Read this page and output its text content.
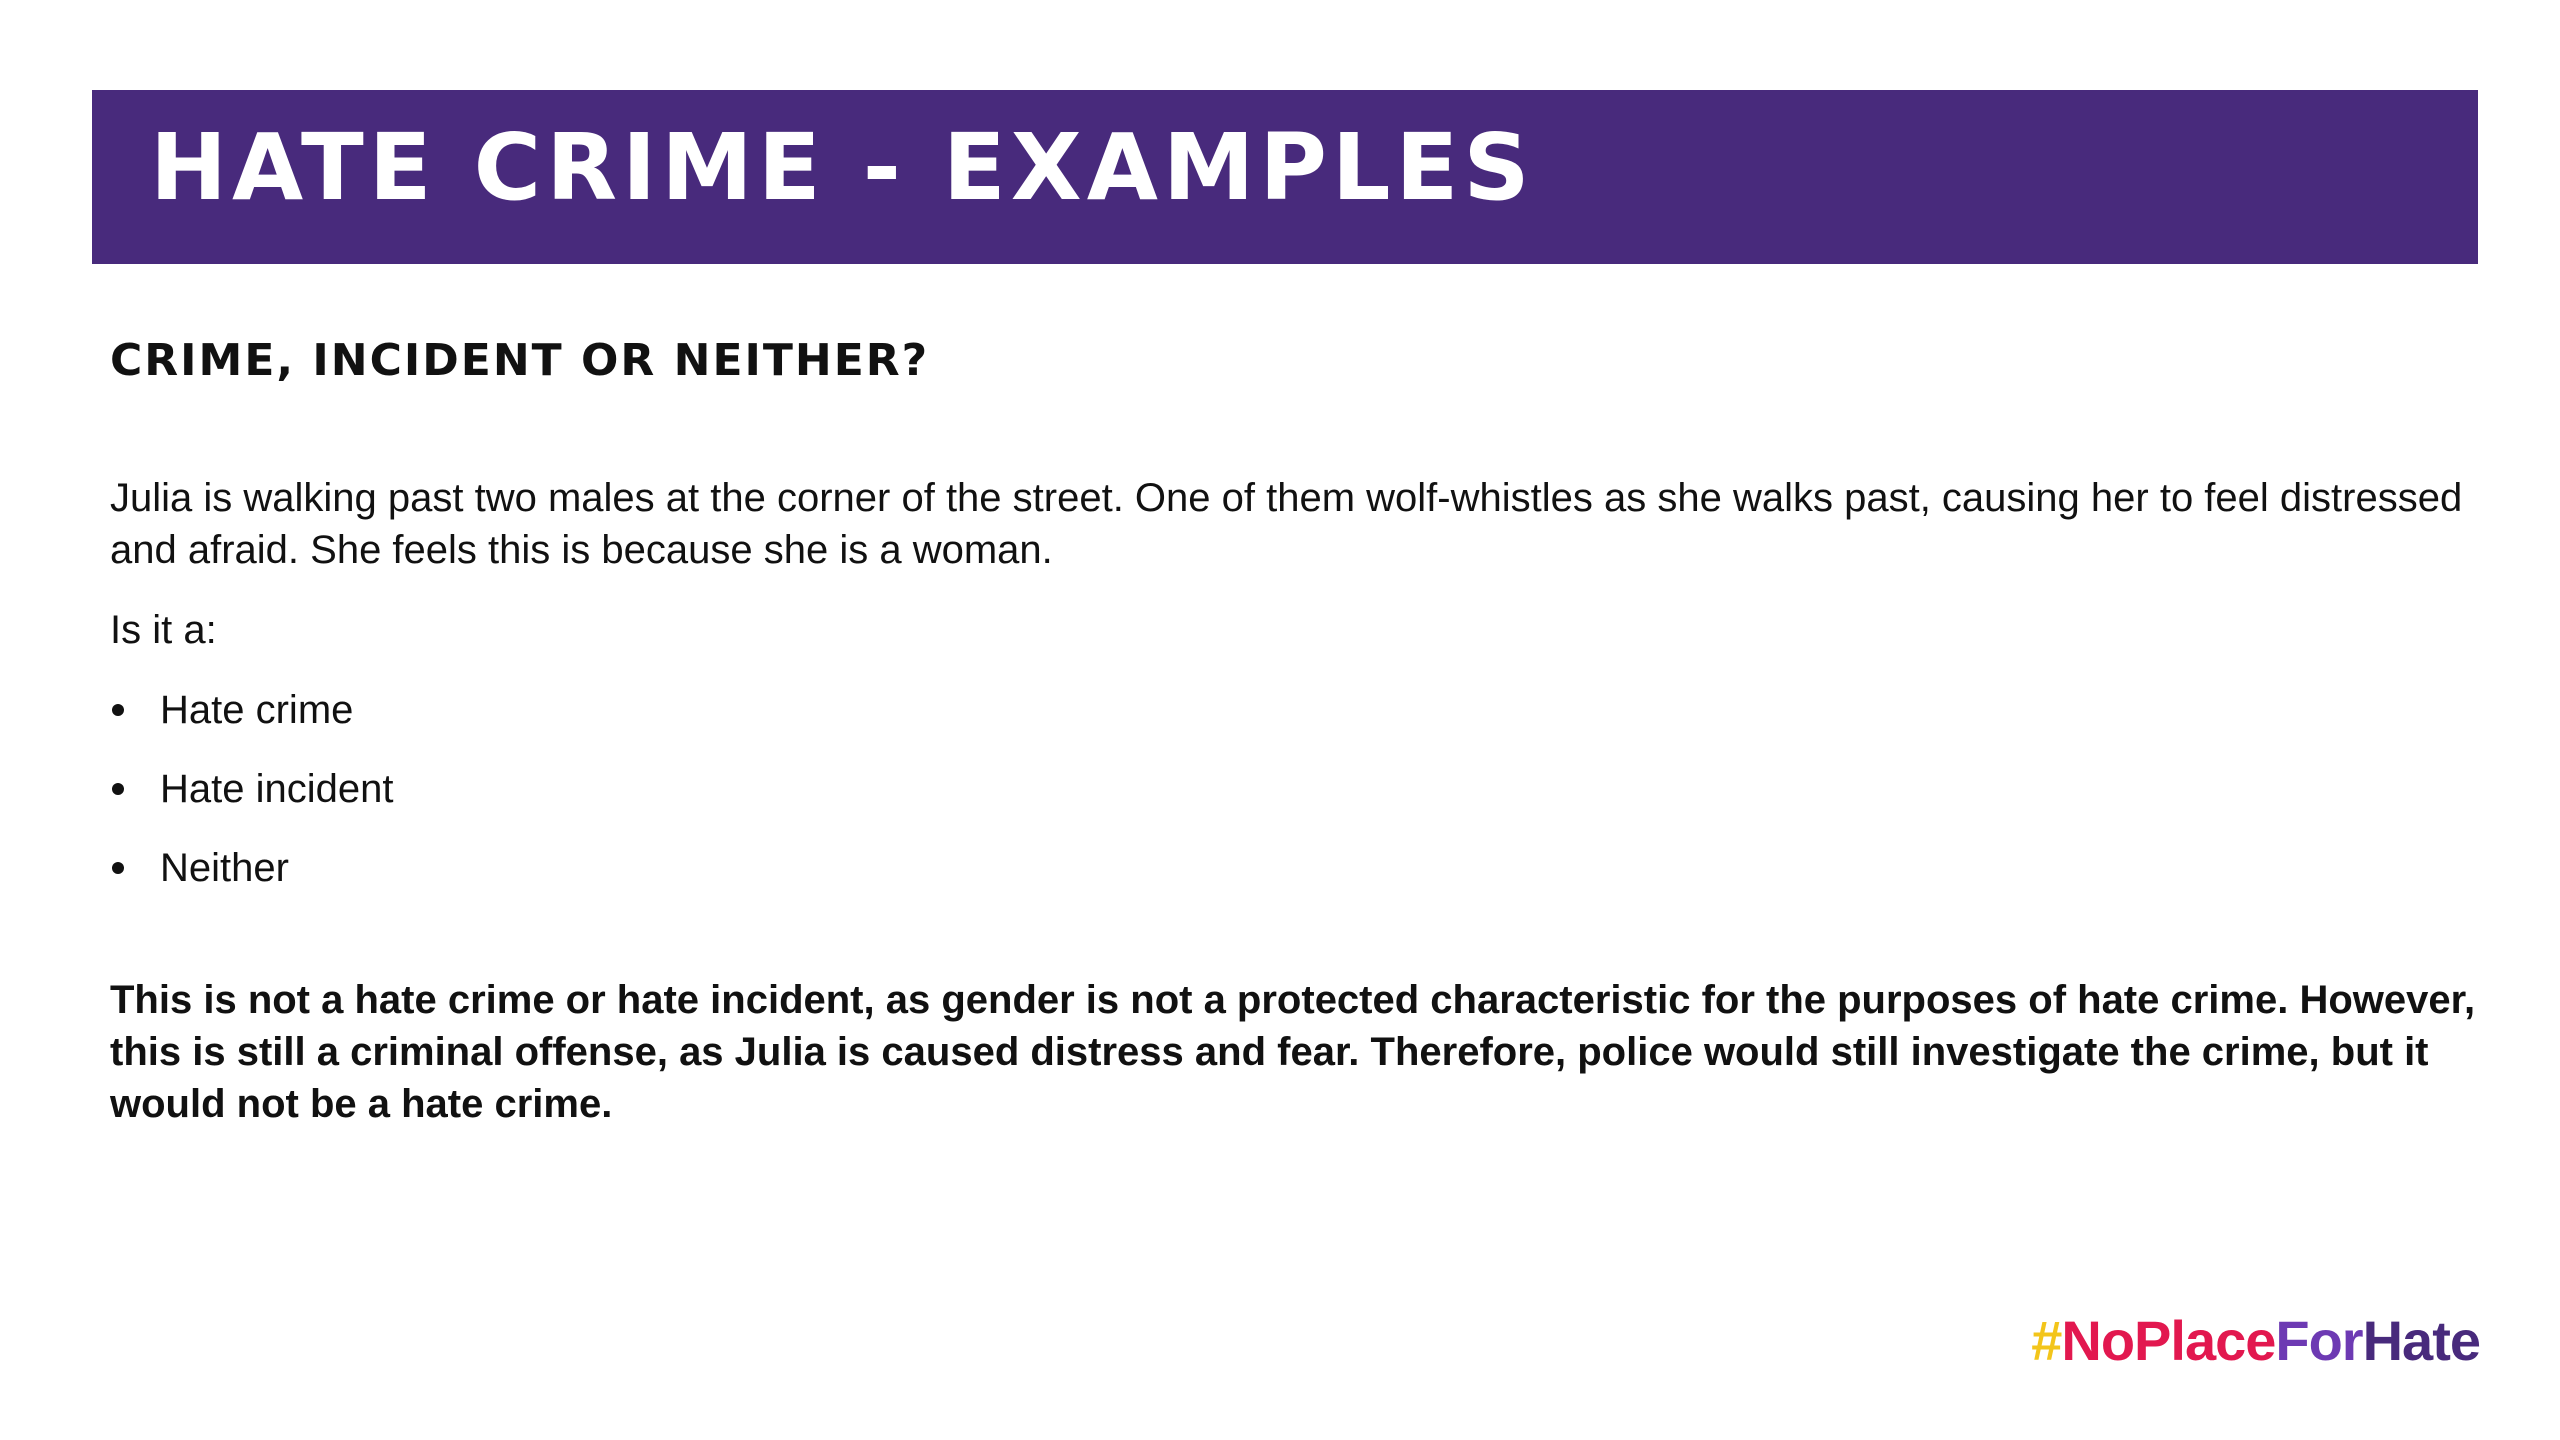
HATE CRIME - EXAMPLES
CRIME, INCIDENT OR NEITHER?

Julia is walking past two males at the corner of the street. One of them wolf-whistles as she walks past, causing her to feel distressed and afraid. She feels this is because she is a woman.

Is it a:

Hate crime
Hate incident
Neither

This is not a hate crime or hate incident, as gender is not a protected characteristic for the purposes of hate crime. However, this is still a criminal offense, as Julia is caused distress and fear. Therefore, police would still investigate the crime, but it would not be a hate crime.

#NoPlaceForHate
